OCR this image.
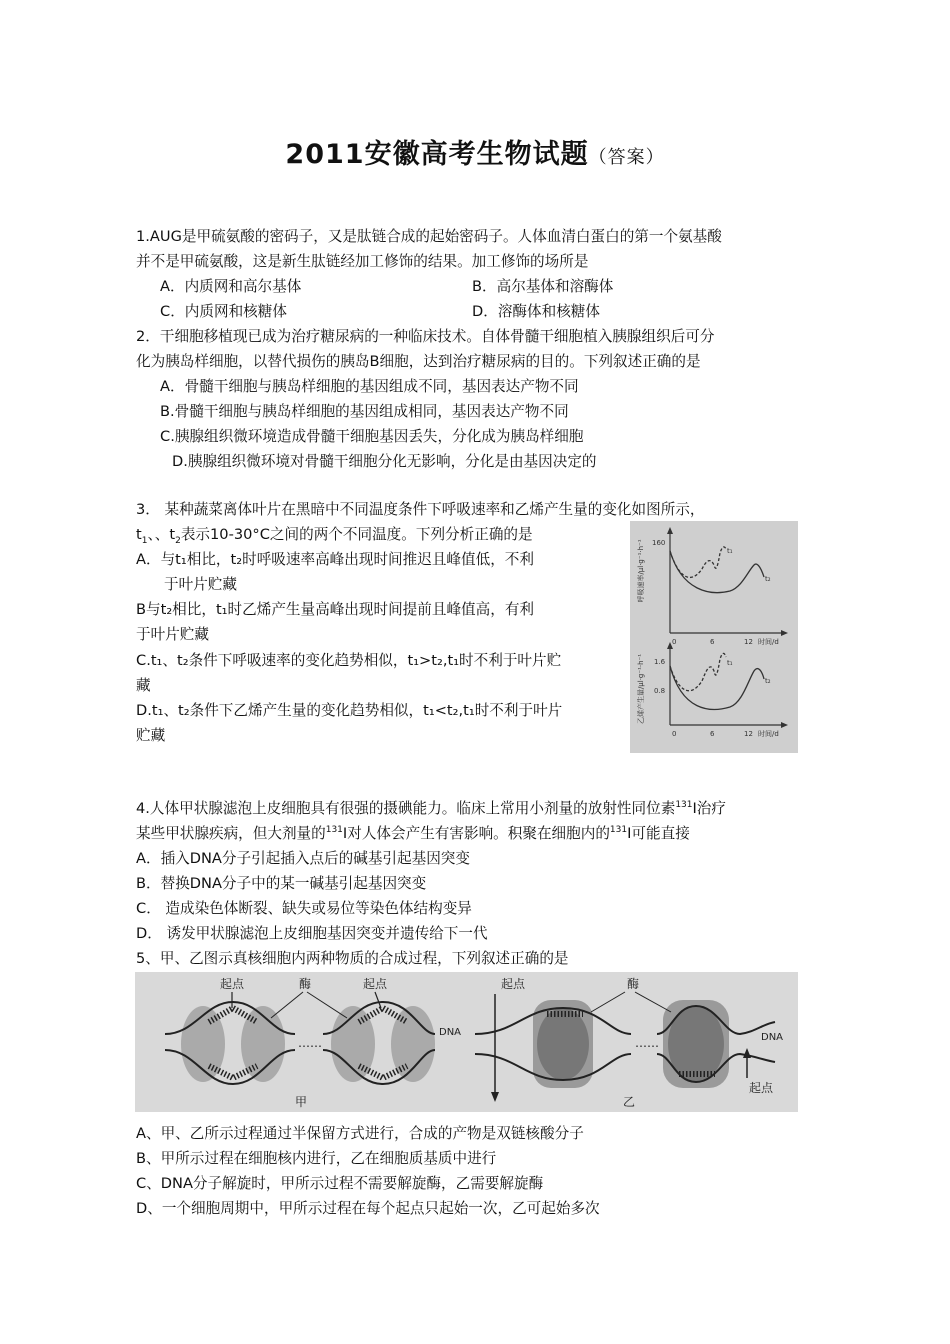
2011安徽高考生物试题（答案）
1.AUG是甲硫氨酸的密码子，又是肽链合成的起始密码子。人体血清白蛋白的第一个氨基酸
并不是甲硫氨酸，这是新生肽链经加工修饰的结果。加工修饰的场所是
A．内质网和高尔基体	B．高尔基体和溶酶体
C．内质网和核糖体	D．溶酶体和核糖体
2．干细胞移植现已成为治疗糖尿病的一种临床技术。自体骨髓干细胞植入胰腺组织后可分
化为胰岛样细胞，以替代损伤的胰岛B细胞，达到治疗糖尿病的目的。下列叙述正确的是
A．骨髓干细胞与胰岛样细胞的基因组成不同，基因表达产物不同
B.骨髓干细胞与胰岛样细胞的基因组成相同，基因表达产物不同
C.胰腺组织微环境造成骨髓干细胞基因丢失，分化成为胰岛样细胞
D.胰腺组织微环境对骨髓干细胞分化无影响，分化是由基因决定的
3． 某种蔬菜离体叶片在黑暗中不同温度条件下呼吸速率和乙烯产生量的变化如图所示，
$t_1$、、$t_2$表示10-30°C之间的两个不同温度。下列分析正确的是
A．与t₁相比，t₂时呼吸速率高峰出现时间推迟且峰值低，不利
于叶片贮藏
B与t₂相比，t₁时乙烯产生量高峰出现时间提前且峰值高，有利
于叶片贮藏
C.t₁、t₂条件下呼吸速率的变化趋势相似，t₁>t₂,t₁时不利于叶片贮
藏
D.t₁、t₂条件下乙烯产生量的变化趋势相似，t₁<t₂,t₁时不利于叶片
贮藏
160
呼吸速率/μl·g⁻¹·h⁻¹	t₁
t₂
0	6	12 时间/d
1.6
0.8
乙烯产生量/μl·g⁻¹·h⁻¹	t₁
t₂
0	6	12 时间/d
4.人体甲状腺滤泡上皮细胞具有很强的摄碘能力。临床上常用小剂量的放射性同位素$^{131}$I治疗
某些甲状腺疾病，但大剂量的$^{131}$I对人体会产生有害影响。积聚在细胞内的$^{131}$I可能直接
A．插入DNA分子引起插入点后的碱基引起基因突变
B．替换DNA分子中的某一碱基引起基因突变
C． 造成染色体断裂、缺失或易位等染色体结构变异
D． 诱发甲状腺滤泡上皮细胞基因突变并遗传给下一代
5、甲、乙图示真核细胞内两种物质的合成过程，下列叙述正确的是
……
起点	起点
酶
DNA
甲
起点
……
酶
DNA
起点
乙
A、甲、乙所示过程通过半保留方式进行，合成的产物是双链核酸分子
B、甲所示过程在细胞核内进行，乙在细胞质基质中进行
C、DNA分子解旋时，甲所示过程不需要解旋酶，乙需要解旋酶
D、一个细胞周期中，甲所示过程在每个起点只起始一次，乙可起始多次
